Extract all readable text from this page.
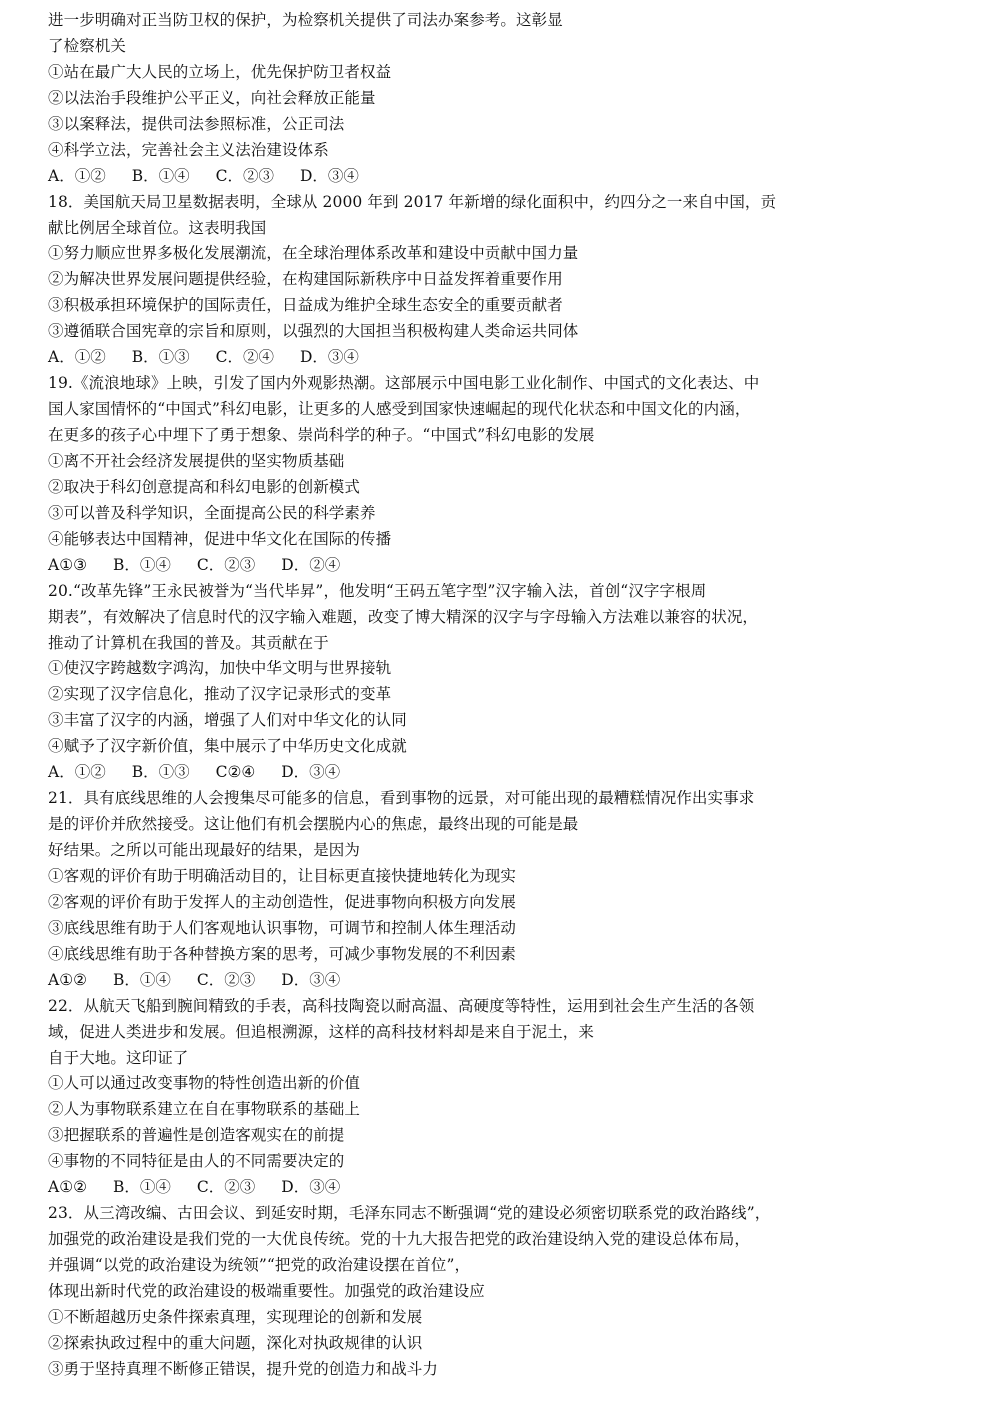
进一步明确对正当防卫权的保护，为检察机关提供了司法办案参考。这彰显
了检察机关
①站在最广大人民的立场上，优先保护防卫者权益
②以法治手段维护公平正义，向社会释放正能量
③以案释法，提供司法参照标准，公正司法
④科学立法，完善社会主义法治建设体系
A．①② B．①④ C．②③ D．③④
18．美国航天局卫星数据表明，全球从 2000 年到 2017 年新增的绿化面积中，约四分之一来自中国，贡
献比例居全球首位。这表明我国
①努力顺应世界多极化发展潮流，在全球治理体系改革和建设中贡献中国力量
②为解决世界发展问题提供经验，在构建国际新秩序中日益发挥着重要作用
③积极承担环境保护的国际责任，日益成为维护全球生态安全的重要贡献者
③遵循联合国宪章的宗旨和原则，以强烈的大国担当积极构建人类命运共同体
A．①② B．①③ C．②④ D．③④
19.《流浪地球》上映，引发了国内外观影热潮。这部展示中国电影工业化制作、中国式的文化表达、中
国人家国情怀的“中国式”科幻电影，让更多的人感受到国家快速崛起的现代化状态和中国文化的内涵，
在更多的孩子心中埋下了勇于想象、崇尚科学的种子。“中国式”科幻电影的发展
①离不开社会经济发展提供的坚实物质基础
②取决于科幻创意提高和科幻电影的创新模式
③可以普及科学知识，全面提高公民的科学素养
④能够表达中国精神，促进中华文化在国际的传播
A①③ B．①④ C．②③ D．②④
20.“改革先锋”王永民被誉为“当代毕昇”，他发明“王码五笔字型”汉字输入法，首创“汉字字根周
期表”，有效解决了信息时代的汉字输入难题，改变了博大精深的汉字与字母输入方法难以兼容的状况，
推动了计算机在我国的普及。其贡献在于
①使汉字跨越数字鸿沟，加快中华文明与世界接轨
②实现了汉字信息化，推动了汉字记录形式的变革
③丰富了汉字的内涵，增强了人们对中华文化的认同
④赋予了汉字新价值，集中展示了中华历史文化成就
A．①② B．①③ C②④ D．③④
21．具有底线思维的人会搜集尽可能多的信息，看到事物的远景，对可能出现的最糟糕情况作出实事求
是的评价并欣然接受。这让他们有机会摆脱内心的焦虑，最终出现的可能是最
好结果。之所以可能出现最好的结果，是因为
①客观的评价有助于明确活动目的，让目标更直接快捷地转化为现实
②客观的评价有助于发挥人的主动创造性，促进事物向积极方向发展
③底线思维有助于人们客观地认识事物，可调节和控制人体生理活动
④底线思维有助于各种替换方案的思考，可减少事物发展的不利因素
A①② B．①④ C．②③ D．③④
22．从航天飞船到腕间精致的手表，高科技陶瓷以耐高温、高硬度等特性，运用到社会生产生活的各领
域，促进人类进步和发展。但追根溯源，这样的高科技材料却是来自于泥土，来
自于大地。这印证了
①人可以通过改变事物的特性创造出新的价值
②人为事物联系建立在自在事物联系的基础上
③把握联系的普遍性是创造客观实在的前提
④事物的不同特征是由人的不同需要决定的
A①② B．①④ C．②③ D．③④
23．从三湾改编、古田会议、到延安时期，毛泽东同志不断强调“党的建设必须密切联系党的政治路线”，
加强党的政治建设是我们党的一大优良传统。党的十九大报告把党的政治建设纳入党的建设总体布局，
并强调“以党的政治建设为统领”“把党的政治建设摆在首位”，
体现出新时代党的政治建设的极端重要性。加强党的政治建设应
①不断超越历史条件探索真理，实现理论的创新和发展
②探索执政过程中的重大问题，深化对执政规律的认识
③勇于坚持真理不断修正错误，提升党的创造力和战斗力
